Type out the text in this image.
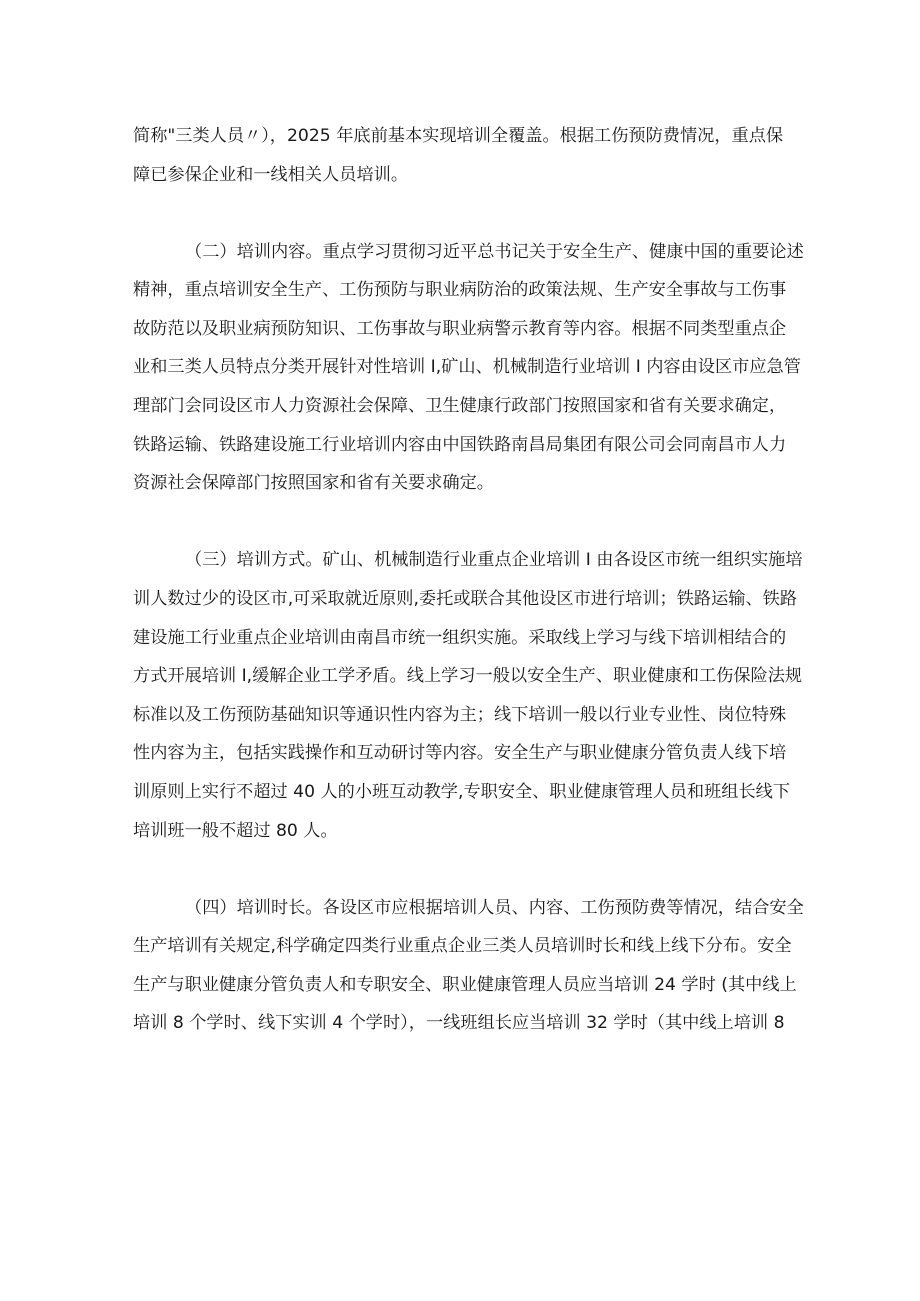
简称"三类人员〃），2025 年底前基本实现培训全覆盖。根据工伤预防费情况，重点保
障已参保企业和一线相关人员培训。

（二）培训内容。重点学习贯彻习近平总书记关于安全生产、健康中国的重要论述
精神，重点培训安全生产、工伤预防与职业病防治的政策法规、生产安全事故与工伤事
故防范以及职业病预防知识、工伤事故与职业病警示教育等内容。根据不同类型重点企
业和三类人员特点分类开展针对性培训 I,矿山、机械制造行业培训 I 内容由设区市应急管
理部门会同设区市人力资源社会保障、卫生健康行政部门按照国家和省有关要求确定，
铁路运输、铁路建设施工行业培训内容由中国铁路南昌局集团有限公司会同南昌市人力
资源社会保障部门按照国家和省有关要求确定。

（三）培训方式。矿山、机械制造行业重点企业培训 I 由各设区市统一组织实施培
训人数过少的设区市,可采取就近原则,委托或联合其他设区市进行培训；铁路运输、铁路
建设施工行业重点企业培训由南昌市统一组织实施。采取线上学习与线下培训相结合的
方式开展培训 I,缓解企业工学矛盾。线上学习一般以安全生产、职业健康和工伤保险法规
标准以及工伤预防基础知识等通识性内容为主；线下培训一般以行业专业性、岗位特殊
性内容为主，包括实践操作和互动研讨等内容。安全生产与职业健康分管负责人线下培
训原则上实行不超过 40 人的小班互动教学,专职安全、职业健康管理人员和班组长线下
培训班一般不超过 80 人。

（四）培训时长。各设区市应根据培训人员、内容、工伤预防费等情况，结合安全
生产培训有关规定,科学确定四类行业重点企业三类人员培训时长和线上线下分布。安全
生产与职业健康分管负责人和专职安全、职业健康管理人员应当培训 24 学时 (其中线上
培训 8 个学时、线下实训 4 个学时），一线班组长应当培训 32 学时（其中线上培训 8
